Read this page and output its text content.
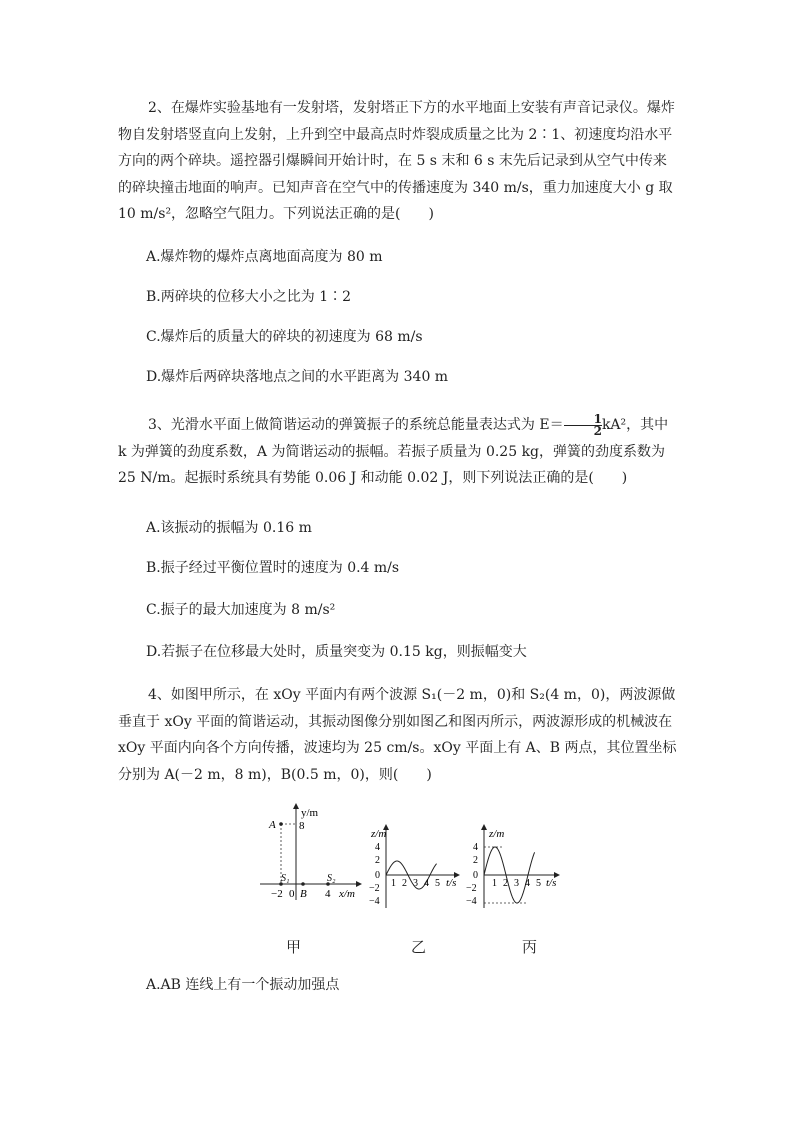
2、在爆炸实验基地有一发射塔，发射塔正下方的水平地面上安装有声音记录仪。爆炸物自发射塔竖直向上发射，上升到空中最高点时炸裂成质量之比为 2∶1、初速度均沿水平方向的两个碎块。遥控器引爆瞬间开始计时，在 5 s 末和 6 s 末先后记录到从空气中传来的碎块撞击地面的响声。已知声音在空气中的传播速度为 340 m/s，重力加速度大小 g 取 10 m/s²，忽略空气阻力。下列说法正确的是(　　)
A.爆炸物的爆炸点离地面高度为 80 m
B.两碎块的位移大小之比为 1∶2
C.爆炸后的质量大的碎块的初速度为 68 m/s
D.爆炸后两碎块落地点之间的水平距离为 340 m
3、光滑水平面上做简谐运动的弹簧振子的系统总能量表达式为 $E= \frac{1}{2} kA^2$，其中 k 为弹簧的劲度系数，A 为简谐运动的振幅。若振子质量为 0.25 kg，弹簧的劲度系数为 25 N/m。起振时系统具有势能 0.06 J 和动能 0.02 J，则下列说法正确的是(　　)
A.该振动的振幅为 0.16 m
B.振子经过平衡位置时的速度为 0.4 m/s
C.振子的最大加速度为 8 m/s²
D.若振子在位移最大处时，质量突变为 0.15 kg，则振幅变大
4、如图甲所示，在 xOy 平面内有两个波源 S₁(－2 m，0)和 S₂(4 m，0)，两波源做垂直于 xOy 平面的简谐运动，其振动图像分别如图乙和图丙所示，两波源形成的机械波在 xOy 平面内向各个方向传播，波速均为 25 cm/s。xOy 平面上有 A、B 两点，其位置坐标分别为 A(－2 m，8 m)，B(0.5 m，0)，则(　　)
y/m
8
A
S₁	S₂
−2 0 B 4 x/m
z/m
4
2
0
−2
−4
1 2 3 4 5 t/s
z/m
4
2
0
−2
−4
1 2 3 4 5 t/s
甲	乙	丙
A.AB 连线上有一个振动加强点
